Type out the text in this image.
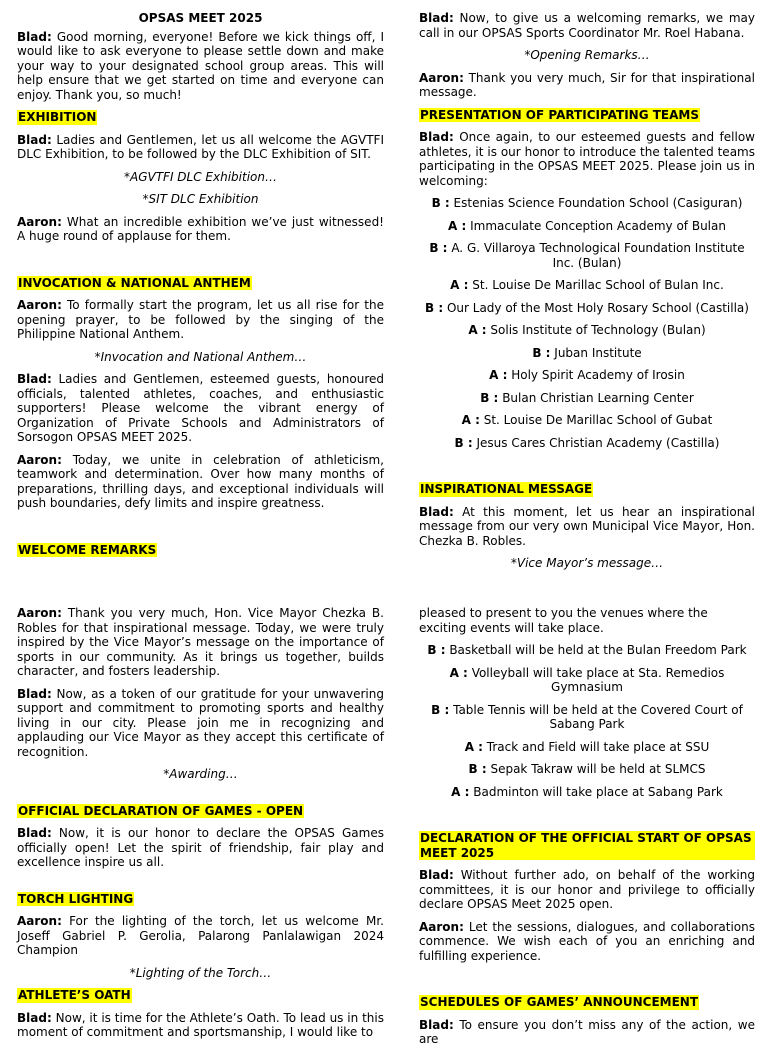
OPSAS MEET 2025

Blad: Good morning, everyone! Before we kick things off, I would like to ask everyone to please settle down and make your way to your designated school group areas. This will help ensure that we get started on time and everyone can enjoy. Thank you, so much!

EXHIBITION

Blad: Ladies and Gentlemen, let us all welcome the AGVTFI DLC Exhibition, to be followed by the DLC Exhibition of SIT.

*AGVTFI DLC Exhibition…
*SIT DLC Exhibition

Aaron: What an incredible exhibition we’ve just witnessed! A huge round of applause for them.

INVOCATION & NATIONAL ANTHEM

Aaron: To formally start the program, let us all rise for the opening prayer, to be followed by the singing of the Philippine National Anthem.

*Invocation and National Anthem…

Blad: Ladies and Gentlemen, esteemed guests, honoured officials, talented athletes, coaches, and enthusiastic supporters! Please welcome the vibrant energy of Organization of Private Schools and Administrators of Sorsogon OPSAS MEET 2025.

Aaron: Today, we unite in celebration of athleticism, teamwork and determination. Over how many months of preparations, thrilling days, and exceptional individuals will push boundaries, defy limits and inspire greatness.

WELCOME REMARKS

Blad: Now, to give us a welcoming remarks, we may call in our OPSAS Sports Coordinator Mr. Roel Habana.

*Opening Remarks…

Aaron: Thank you very much, Sir for that inspirational message.

PRESENTATION OF PARTICIPATING TEAMS

Blad: Once again, to our esteemed guests and fellow athletes, it is our honor to introduce the talented teams participating in the OPSAS MEET 2025. Please join us in welcoming:

B : Estenias Science Foundation School (Casiguran)
A : Immaculate Conception Academy of Bulan
B : A. G. Villaroya Technological Foundation Institute Inc. (Bulan)
A : St. Louise De Marillac School of Bulan Inc.
B : Our Lady of the Most Holy Rosary School (Castilla)
A : Solis Institute of Technology (Bulan)
B : Juban Institute
A : Holy Spirit Academy of Irosin
B : Bulan Christian Learning Center
A : St. Louise De Marillac School of Gubat
B : Jesus Cares Christian Academy (Castilla)
INSPIRATIONAL MESSAGE

Blad: At this moment, let us hear an inspirational message from our very own Municipal Vice Mayor, Hon. Chezka B. Robles.

*Vice Mayor’s message…

Aaron: Thank you very much, Hon. Vice Mayor Chezka B. Robles for that inspirational message. Today, we were truly inspired by the Vice Mayor’s message on the importance of sports in our community. As it brings us together, builds character, and fosters leadership.

Blad: Now, as a token of our gratitude for your unwavering support and commitment to promoting sports and healthy living in our city. Please join me in recognizing and applauding our Vice Mayor as they accept this certificate of recognition.

*Awarding…
OFFICIAL DECLARATION OF GAMES - OPEN

Blad: Now, it is our honor to declare the OPSAS Games officially open! Let the spirit of friendship, fair play and excellence inspire us all.

TORCH LIGHTING

Aaron: For the lighting of the torch, let us welcome Mr. Joseff Gabriel P. Gerolia, Palarong Panlalawigan 2024 Champion

*Lighting of the Torch…
ATHLETE’S OATH

Blad: Now, it is time for the Athlete’s Oath. To lead us in this moment of commitment and sportsmanship, I would like to

pleased to present to you the venues where the exciting events will take place.

B : Basketball will be held at the Bulan Freedom Park
A : Volleyball will take place at Sta. Remedios Gymnasium
B : Table Tennis will be held at the Covered Court of Sabang Park
A : Track and Field will take place at SSU
B : Sepak Takraw will be held at SLMCS
A : Badminton will take place at Sabang Park
DECLARATION OF THE OFFICIAL START OF OPSAS MEET 2025

Blad: Without further ado, on behalf of the working committees, it is our honor and privilege to officially declare OPSAS Meet 2025 open.

Aaron: Let the sessions, dialogues, and collaborations commence. We wish each of you an enriching and fulfilling experience.

SCHEDULES OF GAMES’ ANNOUNCEMENT

Blad: To ensure you don’t miss any of the action, we are
